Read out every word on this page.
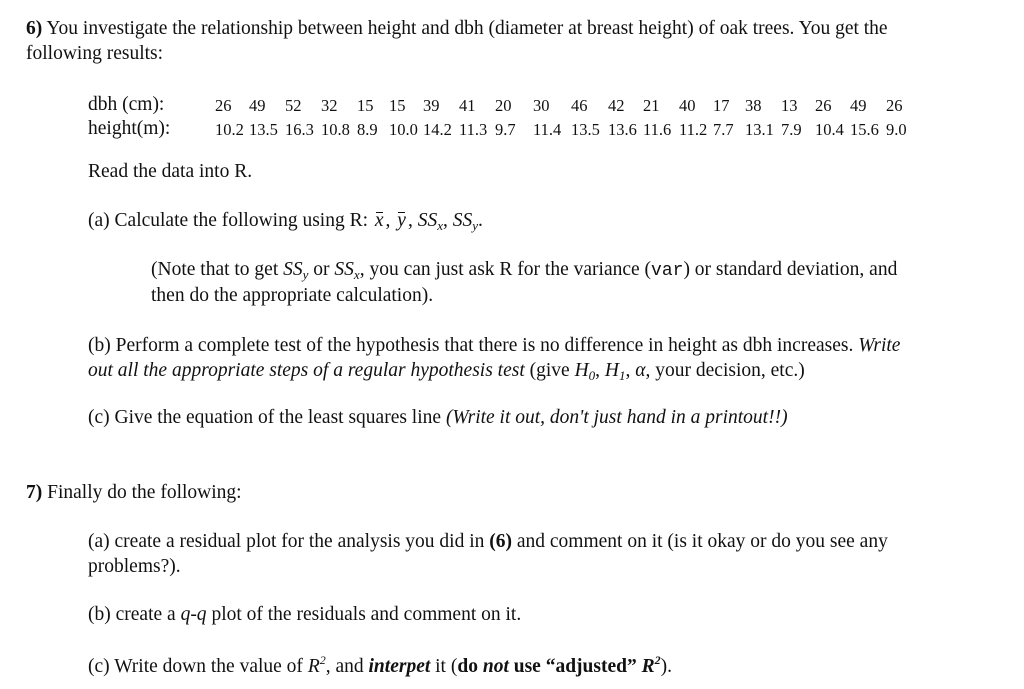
6) You investigate the relationship between height and dbh (diameter at breast height) of oak trees. You get the
following results:
dbh (cm):	26	49	52	32	15 15	39	41	20	30	46	42	21	40	17 38	13	26	49	26
height(m):	10.2 13.5 16.3 10.8 8.9 10.0 14.2 11.3 9.7	11.4 13.5 13.6 11.6 11.2 7.7 13.1 7.9 10.4 15.6 9.0
Read the data into R.
(a) Calculate the following using R: x , y , $SS_x$, $SS_y$.
(Note that to get $SS_y$ or $SS_x$, you can just ask R for the variance (var) or standard deviation, and
then do the appropriate calculation).
(b) Perform a complete test of the hypothesis that there is no difference in height as dbh increases. Write
out all the appropriate steps of a regular hypothesis test (give $H_0$, $H_1$, α, your decision, etc.)
(c) Give the equation of the least squares line (Write it out, don't just hand in a printout!!)
7) Finally do the following:
(a) create a residual plot for the analysis you did in (6) and comment on it (is it okay or do you see any
problems?).
(b) create a q-q plot of the residuals and comment on it.
(c) Write down the value of $R^2$, and interpet it (do not use “adjusted” $R^2$).
